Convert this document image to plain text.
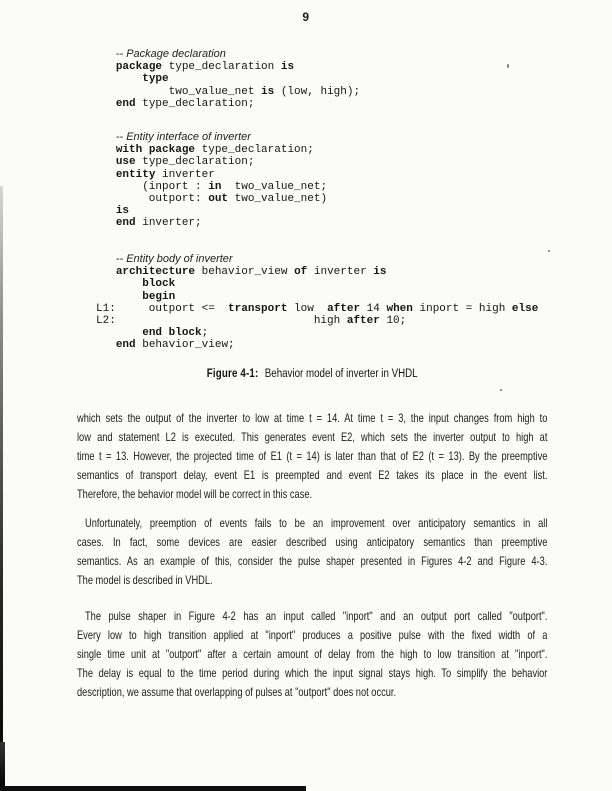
9
-- Package declaration
package type_declaration is
type
two_value_net is (low, high);
end type_declaration;
-- Entity interface of inverter
with package type_declaration;
use type_declaration;
entity inverter
(inport : in  two_value_net;
outport: out two_value_net)
is
end inverter;
-- Entity body of inverter
architecture behavior_view of inverter is
block
begin
L1:     outport <=  transport low  after 14 when inport = high else
L2:                              high after 10;
end block;
end behavior_view;
Figure 4-1: Behavior model of inverter in VHDL
which sets the output of the inverter to low at time t = 14. At time t = 3, the input changes from high to
low and statement L2 is executed. This generates event E2, which sets the inverter output to high at
time t = 13. However, the projected time of E1 (t = 14) is later than that of E2 (t = 13). By the preemptive
semantics of transport delay, event E1 is preempted and event E2 takes its place in the event list.
Therefore, the behavior model will be correct in this case.
Unfortunately, preemption of events fails to be an improvement over anticipatory semantics in all
cases. In fact, some devices are easier described using anticipatory semantics than preemptive
semantics. As an example of this, consider the pulse shaper presented in Figures 4-2 and Figure 4-3.
The model is described in VHDL.
The pulse shaper in Figure 4-2 has an input called "inport" and an output port called "outport".
Every low to high transition applied at "inport" produces a positive pulse with the fixed width of a
single time unit at "outport" after a certain amount of delay from the high to low transition at "inport".
The delay is equal to the time period during which the input signal stays high. To simplify the behavior
description, we assume that overlapping of pulses at "outport" does not occur.
